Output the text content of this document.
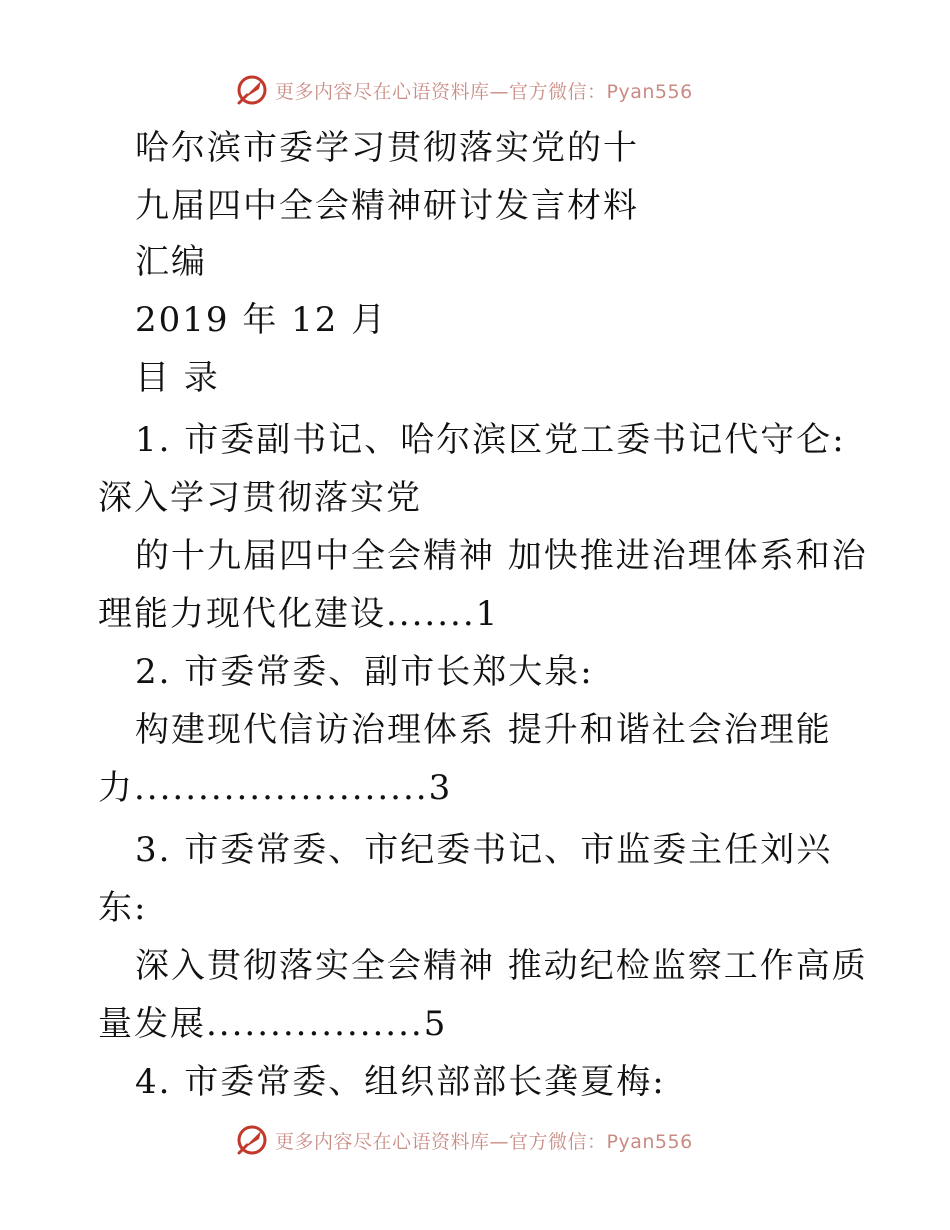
更多内容尽在心语资料库—官方微信：Pyan556
哈尔滨市委学习贯彻落实党的十
九届四中全会精神研讨发言材料
汇编
2019 年 12 月
目 录
1. 市委副书记、哈尔滨区党工委书记代守仑:
深入学习贯彻落实党
的十九届四中全会精神 加快推进治理体系和治
理能力现代化建设.......1
2. 市委常委、副市长郑大泉:
构建现代信访治理体系 提升和谐社会治理能
力.......................3
3. 市委常委、市纪委书记、市监委主任刘兴
东:
深入贯彻落实全会精神 推动纪检监察工作高质
量发展.................5
4. 市委常委、组织部部长龚夏梅:
更多内容尽在心语资料库—官方微信：Pyan556
